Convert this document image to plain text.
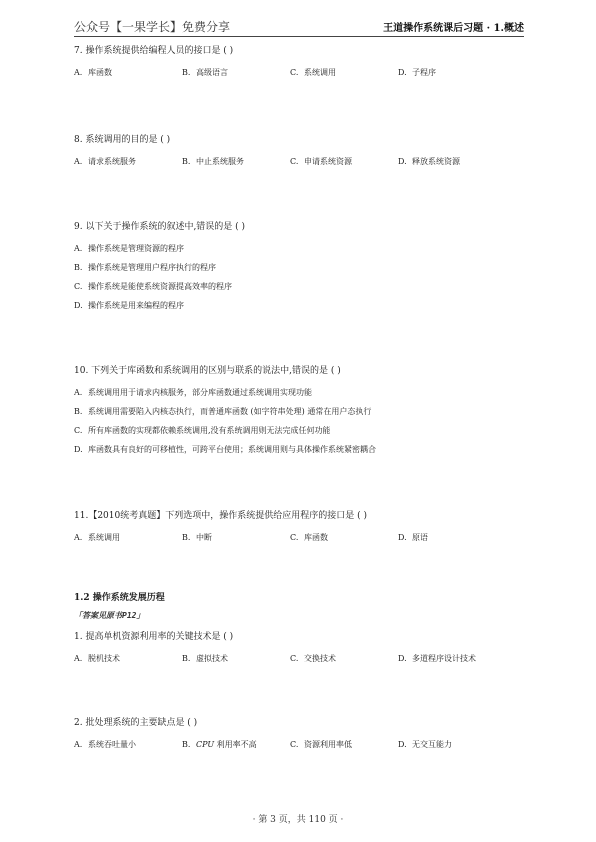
公众号【一果学长】免费分享	王道操作系统课后习题 · 1.概述

7. 操作系统提供给编程人员的接口是 ( )

A. 库函数	B. 高级语言	C. 系统调用	D. 子程序

8. 系统调用的目的是 ( )

A. 请求系统服务	B. 中止系统服务	C. 申请系统资源	D. 释放系统资源

9. 以下关于操作系统的叙述中,错误的是 ( )

A. 操作系统是管理资源的程序
B. 操作系统是管理用户程序执行的程序
C. 操作系统是能使系统资源提高效率的程序
D. 操作系统是用来编程的程序

10. 下列关于库函数和系统调用的区别与联系的说法中,错误的是 ( )

A. 系统调用用于请求内核服务，部分库函数通过系统调用实现功能
B. 系统调用需要陷入内核态执行，而普通库函数 (如字符串处理) 通常在用户态执行
C. 所有库函数的实现都依赖系统调用,没有系统调用则无法完成任何功能
D. 库函数具有良好的可移植性，可跨平台使用；系统调用则与具体操作系统紧密耦合

11.【2010统考真题】下列选项中，操作系统提供给应用程序的接口是 ( )

A. 系统调用	B. 中断	C. 库函数	D. 原语
1.2 操作系统发展历程
「答案见原书P12」

1. 提高单机资源利用率的关键技术是 ( )

A. 脱机技术	B. 虚拟技术	C. 交换技术	D. 多道程序设计技术

2. 批处理系统的主要缺点是 ( )

A. 系统吞吐量小	B. CPU 利用率不高	C. 资源利用率低	D. 无交互能力
· 第 3 页，共 110 页 ·
